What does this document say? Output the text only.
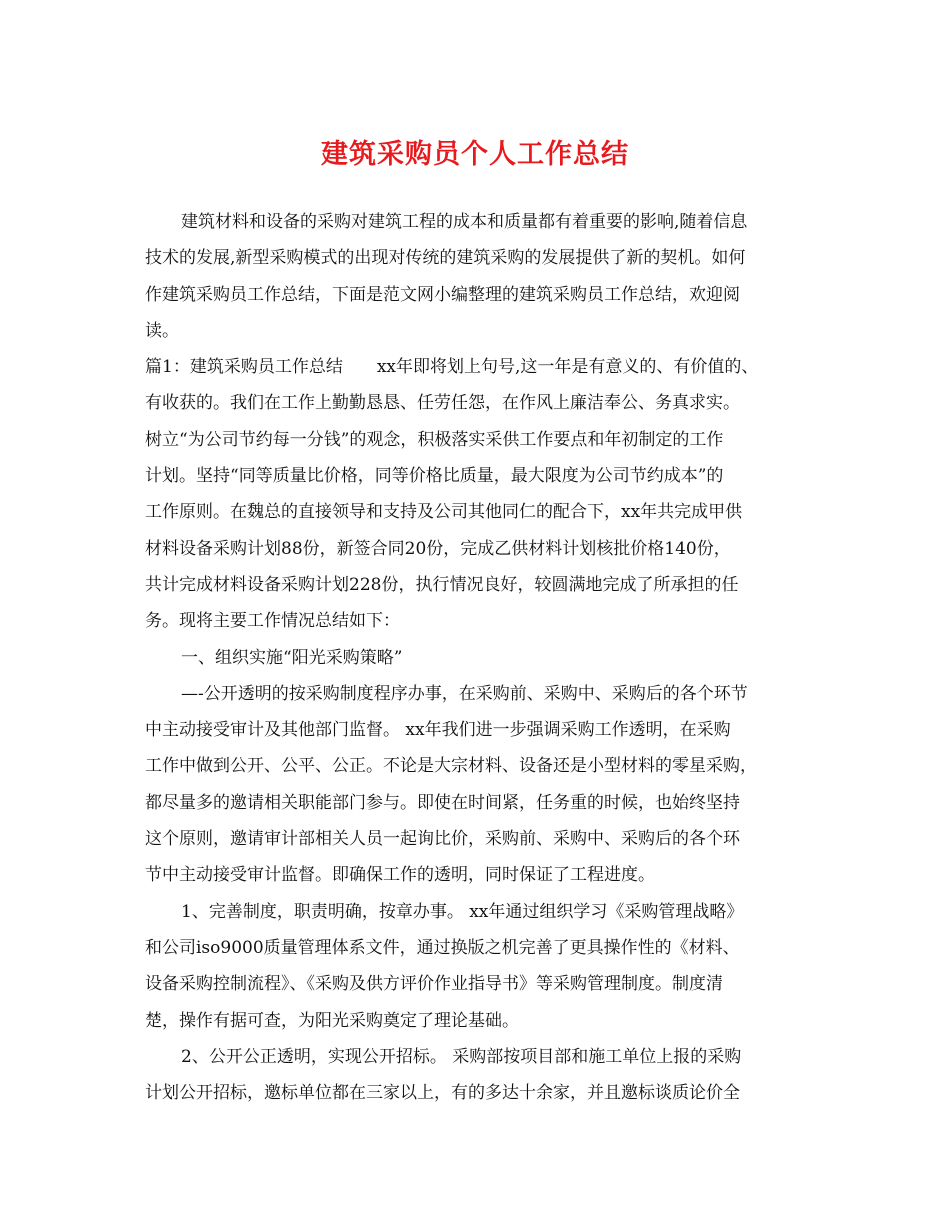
建筑采购员个人工作总结

建筑材料和设备的采购对建筑工程的成本和质量都有着重要的影响,随着信息

技术的发展,新型采购模式的出现对传统的建筑采购的发展提供了新的契机。如何

作建筑采购员工作总结，下面是范文网小编整理的建筑采购员工作总结，欢迎阅

读。

篇1：建筑采购员工作总结　　xx年即将划上句号,这一年是有意义的、有价值的、

有收获的。我们在工作上勤勤恳恳、任劳任怨，在作风上廉洁奉公、务真求实。

树立“为公司节约每一分钱”的观念，积极落实采供工作要点和年初制定的工作

计划。坚持“同等质量比价格，同等价格比质量，最大限度为公司节约成本”的

工作原则。在魏总的直接领导和支持及公司其他同仁的配合下，xx年共完成甲供

材料设备采购计划88份，新签合同20份，完成乙供材料计划核批价格140份，

共计完成材料设备采购计划228份，执行情况良好，较圆满地完成了所承担的任

务。现将主要工作情况总结如下：

一、组织实施“阳光采购策略”

—-公开透明的按采购制度程序办事，在采购前、采购中、采购后的各个环节

中主动接受审计及其他部门监督。 xx年我们进一步强调采购工作透明，在采购

工作中做到公开、公平、公正。不论是大宗材料、设备还是小型材料的零星采购，

都尽量多的邀请相关职能部门参与。即使在时间紧，任务重的时候，也始终坚持

这个原则，邀请审计部相关人员一起询比价，采购前、采购中、采购后的各个环

节中主动接受审计监督。即确保工作的透明，同时保证了工程进度。

1、完善制度，职责明确，按章办事。 xx年通过组织学习《采购管理战略》

和公司iso9000质量管理体系文件，通过换版之机完善了更具操作性的《材料、

设备采购控制流程》、《采购及供方评价作业指导书》等采购管理制度。制度清

楚，操作有据可查，为阳光采购奠定了理论基础。

2、公开公正透明，实现公开招标。 采购部按项目部和施工单位上报的采购

计划公开招标，邀标单位都在三家以上，有的多达十余家，并且邀标谈质论价全
